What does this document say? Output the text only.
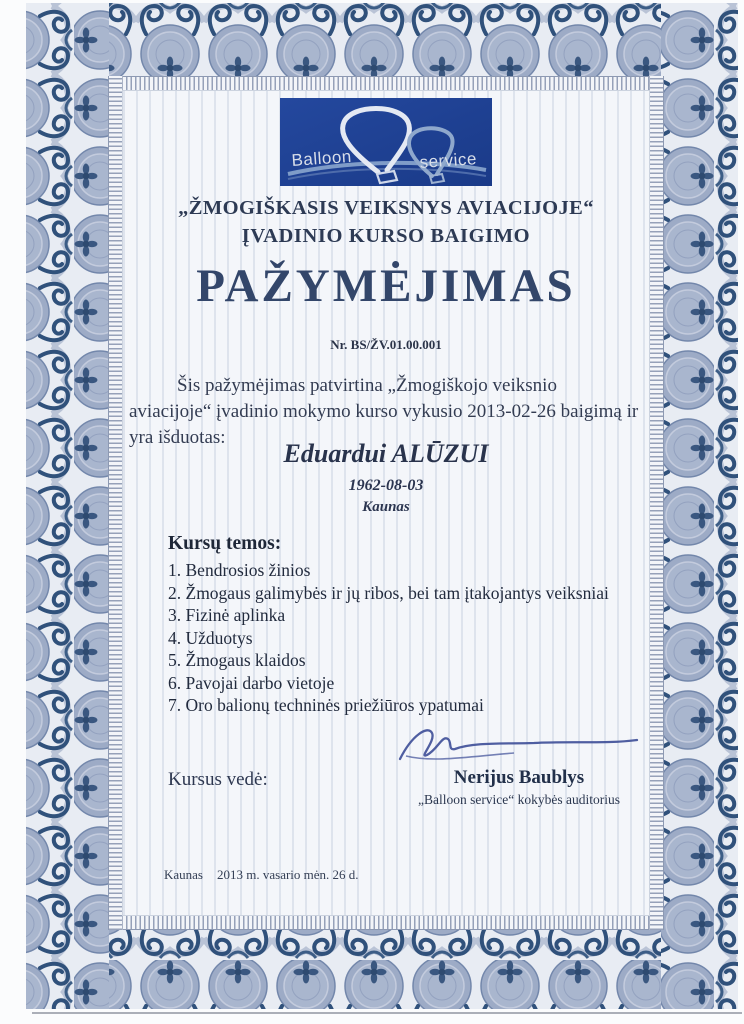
Balloon	service
„ŽMOGIŠKASIS VEIKSNYS AVIACIJOJE“
ĮVADINIO KURSO BAIGIMO
PAŽYMĖJIMAS
Nr. BS/ŽV.01.00.001
Šis pažymėjimas patvirtina „Žmogiškojo veiksnio aviacijoje“ įvadinio mokymo kurso vykusio 2013-02-26 baigimą ir yra išduotas:
Eduardui ALŪZUI
1962-08-03
Kaunas
Kursų temos:
1. Bendrosios žinios
2. Žmogaus galimybės ir jų ribos, bei tam įtakojantys veiksniai
3. Fizinė aplinka
4. Užduotys
5. Žmogaus klaidos
6. Pavojai darbo vietoje
7. Oro balionų techninės priežiūros ypatumai
Kursus vedė:	Nerijus Baublys
„Balloon service“ kokybės auditorius
Kaunas 2013 m. vasario mėn. 26 d.
